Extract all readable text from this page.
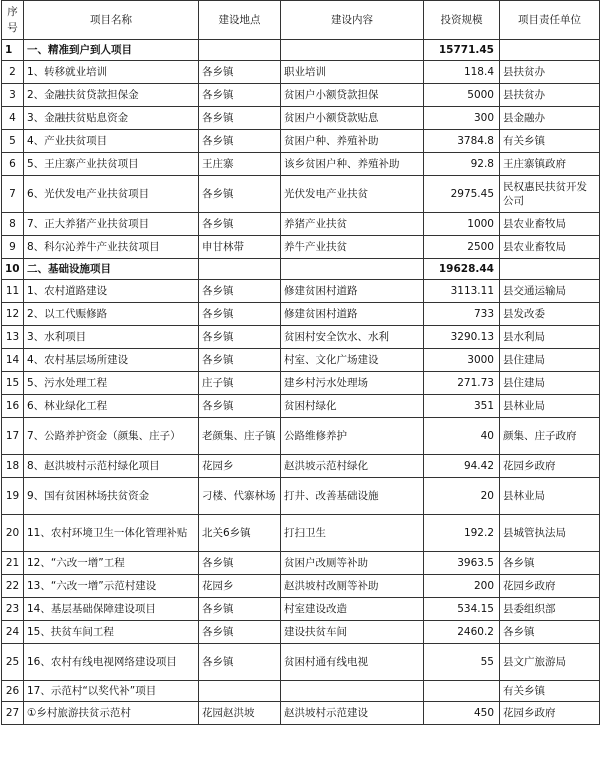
序号	项目名称	建设地点	建设内容	投资规模	项目责任单位
1	一、精准到户到人项目			15771.45	
2	1、转移就业培训	各乡镇	职业培训	118.4	县扶贫办
3	2、金融扶贫贷款担保金	各乡镇	贫困户小额贷款担保	5000	县扶贫办
4	3、金融扶贫贴息资金	各乡镇	贫困户小额贷款贴息	300	县金融办
5	4、产业扶贫项目	各乡镇	贫困户种、养殖补助	3784.8	有关乡镇
6	5、王庄寨产业扶贫项目	王庄寨	该乡贫困户种、养殖补助	92.8	王庄寨镇政府
7	6、光伏发电产业扶贫项目	各乡镇	光伏发电产业扶贫	2975.45	民权惠民扶贫开发公司
8	7、正大养猪产业扶贫项目	各乡镇	养猪产业扶贫	1000	县农业畜牧局
9	8、科尔沁养牛产业扶贫项目	申甘林带	养牛产业扶贫	2500	县农业畜牧局
10	二、基础设施项目			19628.44	
11	1、农村道路建设	各乡镇	修建贫困村道路	3113.11	县交通运输局
12	2、以工代赈修路	各乡镇	修建贫困村道路	733	县发改委
13	3、水利项目	各乡镇	贫困村安全饮水、水利	3290.13	县水利局
14	4、农村基层场所建设	各乡镇	村室、文化广场建设	3000	县住建局
15	5、污水处理工程	庄子镇	建乡村污水处理场	271.73	县住建局
16	6、林业绿化工程	各乡镇	贫困村绿化	351	县林业局
17	7、公路养护资金（颜集、庄子）	老颜集、庄子镇	公路维修养护	40	颜集、庄子政府
18	8、赵洪坡村示范村绿化项目	花园乡	赵洪坡示范村绿化	94.42	花园乡政府
19	9、国有贫困林场扶贫资金	刁楼、代寨林场	打井、改善基础设施	20	县林业局
20	11、农村环境卫生一体化管理补贴	北关6乡镇	打扫卫生	192.2	县城管执法局
21	12、“六改一增”工程	各乡镇	贫困户改厕等补助	3963.5	各乡镇
22	13、“六改一增”示范村建设	花园乡	赵洪坡村改厕等补助	200	花园乡政府
23	14、基层基础保障建设项目	各乡镇	村室建设改造	534.15	县委组织部
24	15、扶贫车间工程	各乡镇	建设扶贫车间	2460.2	各乡镇
25	16、农村有线电视网络建设项目	各乡镇	贫困村通有线电视	55	县文广旅游局
26	17、示范村“以奖代补”项目				有关乡镇
27	①乡村旅游扶贫示范村	花园赵洪坡	赵洪坡村示范建设	450	花园乡政府
